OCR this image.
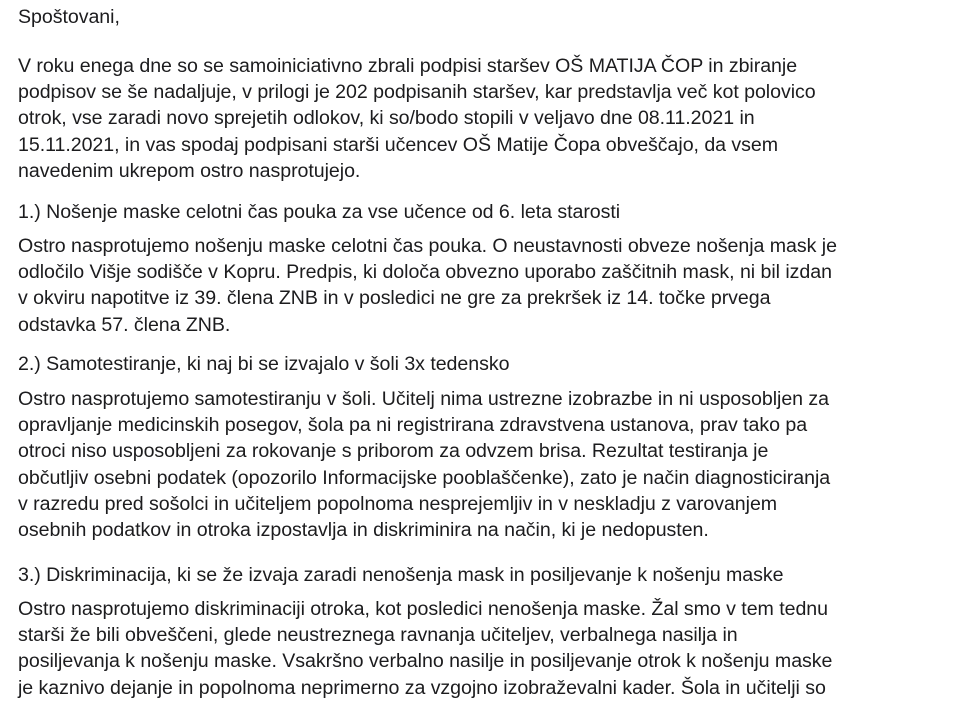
Spoštovani,

V roku enega dne so se samoiniciativno zbrali podpisi staršev OŠ MATIJA ČOP in zbiranje
podpisov se še nadaljuje, v prilogi je 202 podpisanih staršev, kar predstavlja več kot polovico
otrok, vse zaradi novo sprejetih odlokov, ki so/bodo stopili v veljavo dne 08.11.2021 in
15.11.2021, in vas spodaj podpisani starši učencev OŠ Matije Čopa obveščajo, da vsem
navedenim ukrepom ostro nasprotujejo.

1.) Nošenje maske celotni čas pouka za vse učence od 6. leta starosti

Ostro nasprotujemo nošenju maske celotni čas pouka. O neustavnosti obveze nošenja mask je
odločilo Višje sodišče v Kopru. Predpis, ki določa obvezno uporabo zaščitnih mask, ni bil izdan
v okviru napotitve iz 39. člena ZNB in v posledici ne gre za prekršek iz 14. točke prvega
odstavka 57. člena ZNB.

2.) Samotestiranje, ki naj bi se izvajalo v šoli 3x tedensko

Ostro nasprotujemo samotestiranju v šoli. Učitelj nima ustrezne izobrazbe in ni usposobljen za
opravljanje medicinskih posegov, šola pa ni registrirana zdravstvena ustanova, prav tako pa
otroci niso usposobljeni za rokovanje s priborom za odvzem brisa. Rezultat testiranja je
občutljiv osebni podatek (opozorilo Informacijske pooblaščenke), zato je način diagnosticiranja
v razredu pred sošolci in učiteljem popolnoma nesprejemljiv in v neskladju z varovanjem
osebnih podatkov in otroka izpostavlja in diskriminira na način, ki je nedopusten.

3.) Diskriminacija, ki se že izvaja zaradi nenošenja mask in posiljevanje k nošenju maske

Ostro nasprotujemo diskriminaciji otroka, kot posledici nenošenja maske. Žal smo v tem tednu
starši že bili obveščeni, glede neustreznega ravnanja učiteljev, verbalnega nasilja in
posiljevanja k nošenju maske. Vsakršno verbalno nasilje in posiljevanje otrok k nošenju maske
je kaznivo dejanje in popolnoma neprimerno za vzgojno izobraževalni kader. Šola in učitelji so
